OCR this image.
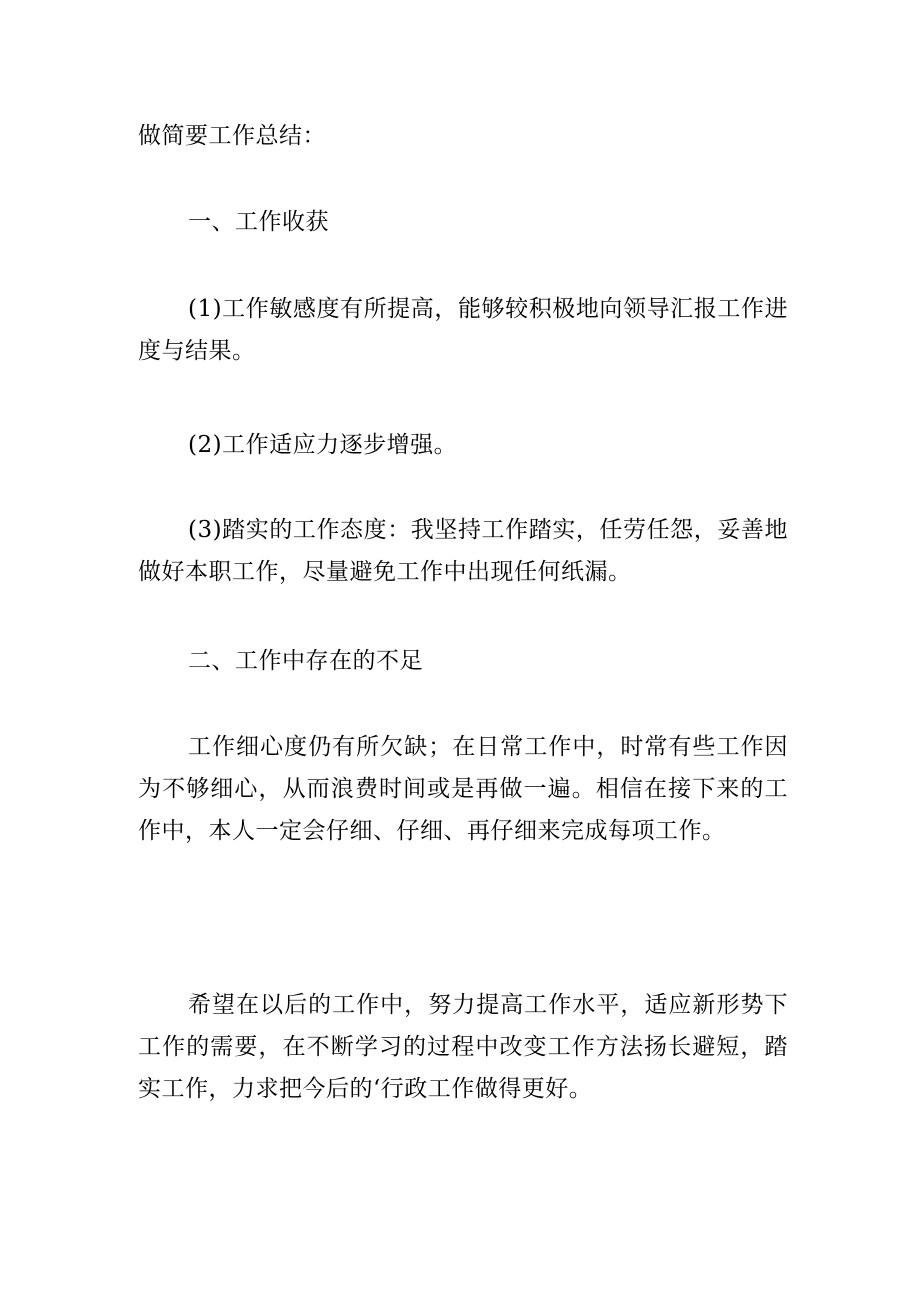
做简要工作总结：
一、工作收获

(1)工作敏感度有所提高，能够较积极地向领导汇报工作进度与结果。

(2)工作适应力逐步增强。

(3)踏实的工作态度：我坚持工作踏实，任劳任怨，妥善地做好本职工作，尽量避免工作中出现任何纸漏。

二、工作中存在的不足

工作细心度仍有所欠缺；在日常工作中，时常有些工作因为不够细心，从而浪费时间或是再做一遍。相信在接下来的工作中，本人一定会仔细、仔细、再仔细来完成每项工作。

希望在以后的工作中，努力提高工作水平，适应新形势下工作的需要，在不断学习的过程中改变工作方法扬长避短，踏实工作，力求把今后的‘行政工作做得更好。
